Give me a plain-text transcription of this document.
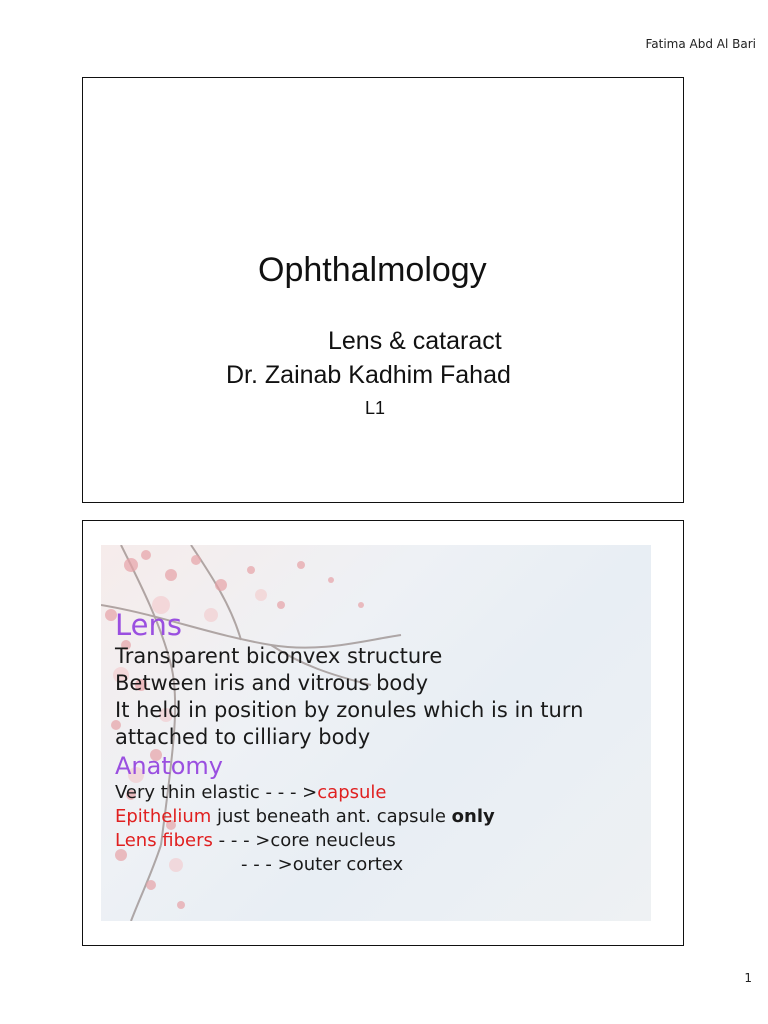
Fatima Abd Al Bari
Ophthalmology
Lens & cataract
Dr. Zainab Kadhim Fahad
L1
Lens
Transparent biconvex structure
Between iris and vitrous body
It held in position by zonules which is in turn
attached to cilliary body
Anatomy
Very thin elastic - - - >capsule
Epithelium just beneath ant. capsule only
Lens fibers - - - >core neucleus
- - - >outer cortex
1
